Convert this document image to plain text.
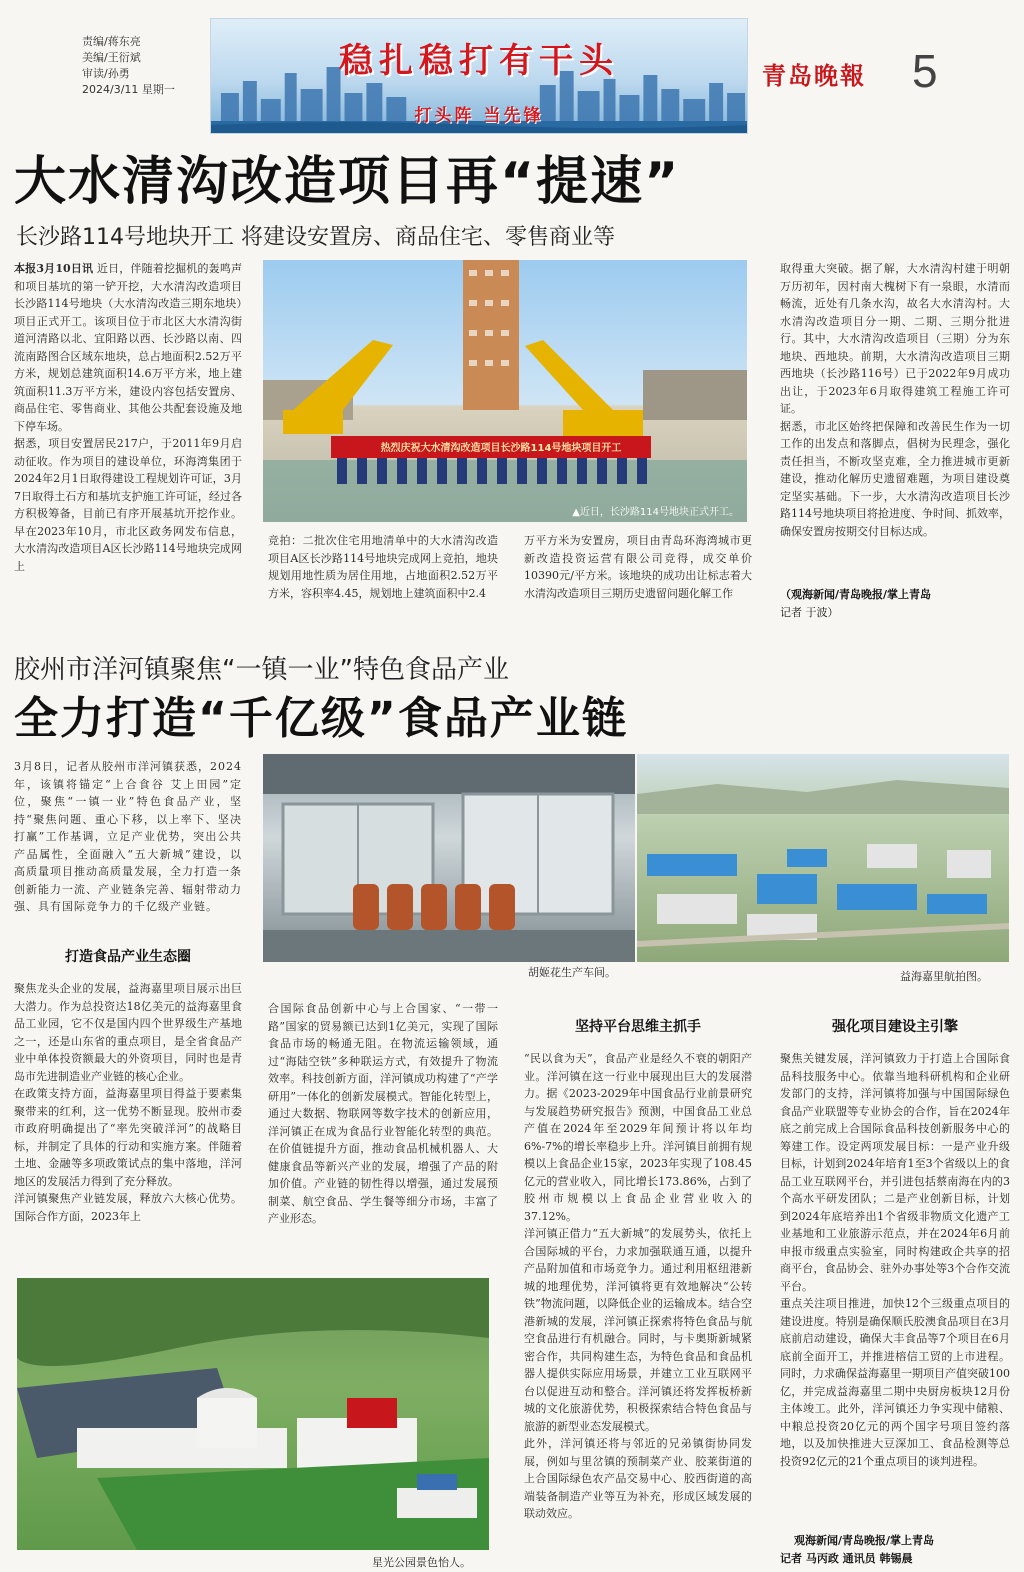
责编/蒋东亮
美编/王衍斌
审读/孙勇
2024/3/11 星期一
稳扎稳打有干头
打头阵 当先锋
青岛晚報 5
大水清沟改造项目再“提速”
长沙路114号地块开工 将建设安置房、商品住宅、零售商业等
本报3月10日讯 近日，伴随着挖掘机的轰鸣声和项目基坑的第一铲开挖，大水清沟改造项目长沙路114号地块（大水清沟改造三期东地块）项目正式开工。该项目位于市北区大水清沟街道河清路以北、宜阳路以西、长沙路以南、四流南路图合区域东地块，总占地面积2.52万平方米，规划总建筑面积14.6万平方米，地上建筑面积11.3万平方米，建设内容包括安置房、商品住宅、零售商业、其他公共配套设施及地下停车场。
据悉，项目安置居民217户，于2011年9月启动征收。作为项目的建设单位，环海湾集团于2024年2月1日取得建设工程规划许可证，3月7日取得土石方和基坑支护施工许可证，经过各方积极筹备，目前已有序开展基坑开挖作业。早在2023年10月，市北区政务网发布信息，大水清沟改造项目A区长沙路114号地块完成网上
热烈庆祝大水清沟改造项目长沙路114号地块项目开工
▲近日，长沙路114号地块正式开工。
竞拍：二批次住宅用地清单中的大水清沟改造项目A区长沙路114号地块完成网上竞拍，地块规划用地性质为居住用地，占地面积2.52万平方米，容积率4.45，规划地上建筑面积中2.4
万平方米为安置房，项目由青岛环海湾城市更新改造投资运营有限公司竞得，成交单价10390元/平方米。该地块的成功出让标志着大水清沟改造项目三期历史遗留问题化解工作
取得重大突破。据了解，大水清沟村建于明朝万历初年，因村南大槐树下有一泉眼，水清而畅流，近处有几条水沟，故名大水清沟村。大水清沟改造项目分一期、二期、三期分批进行。其中，大水清沟改造项目（三期）分为东地块、西地块。前期，大水清沟改造项目三期西地块（长沙路116号）已于2022年9月成功出让，于2023年6月取得建筑工程施工许可证。
据悉，市北区始终把保障和改善民生作为一切工作的出发点和落脚点，倡树为民理念，强化责任担当，不断攻坚克难，全力推进城市更新建设，推动化解历史遗留难题，为项目建设奠定坚实基础。下一步，大水清沟改造项目长沙路114号地块项目将抢进度、争时间、抓效率，确保安置房按期交付目标达成。
（观海新闻/青岛晚报/掌上青岛
记者 于波）
胶州市洋河镇聚焦“一镇一业”特色食品产业
全力打造“千亿级”食品产业链
3月8日，记者从胶州市洋河镇获悉，2024年，该镇将锚定“上合食谷 艾上田园”定位，聚焦“一镇一业”特色食品产业，坚持“聚焦问题、重心下移，以上率下、坚决打赢”工作基调，立足产业优势，突出公共产品属性，全面融入“五大新城”建设，以高质量项目推动高质量发展，全力打造一条创新能力一流、产业链条完善、辐射带动力强、具有国际竞争力的千亿级产业链。
胡姬花生产车间。	益海嘉里航拍图。
打造食品产业生态圈
聚焦龙头企业的发展，益海嘉里项目展示出巨大潜力。作为总投资达18亿美元的益海嘉里食品工业园，它不仅是国内四个世界级生产基地之一，还是山东省的重点项目，是全省食品产业中单体投资额最大的外资项目，同时也是青岛市先进制造业产业链的核心企业。
在政策支持方面，益海嘉里项目得益于要素集聚带来的红利，这一优势不断显现。胶州市委市政府明确提出了“率先突破洋河”的战略目标，并制定了具体的行动和实施方案。伴随着土地、金融等多项政策试点的集中落地，洋河地区的发展活力得到了充分释放。
洋河镇聚焦产业链发展，释放六大核心优势。国际合作方面，2023年上
合国际食品创新中心与上合国家、“一带一路”国家的贸易额已达到1亿美元，实现了国际食品市场的畅通无阻。在物流运输领域，通过“海陆空铁”多种联运方式，有效提升了物流效率。科技创新方面，洋河镇成功构建了“产学研用”一体化的创新发展模式。智能化转型上，通过大数据、物联网等数字技术的创新应用，洋河镇正在成为食品行业智能化转型的典范。在价值链提升方面，推动食品机械机器人、大健康食品等新兴产业的发展，增强了产品的附加价值。产业链的韧性得以增强，通过发展预制菜、航空食品、学生餐等细分市场，丰富了产业形态。
坚持平台思维主抓手
“民以食为天”，食品产业是经久不衰的朝阳产业。洋河镇在这一行业中展现出巨大的发展潜力。据《2023-2029年中国食品行业前景研究与发展趋势研究报告》预测，中国食品工业总产值在2024年至2029年间预计将以年均6%-7%的增长率稳步上升。洋河镇目前拥有规模以上食品企业15家，2023年实现了108.45亿元的营业收入，同比增长173.86%，占到了胶州市规模以上食品企业营业收入的37.12%。
洋河镇正借力“五大新城”的发展势头，依托上合国际城的平台，力求加强联通互通，以提升产品附加值和市场竞争力。通过利用枢纽港新城的地理优势，洋河镇将更有效地解决“公转铁”物流问题，以降低企业的运输成本。结合空港新城的发展，洋河镇正探索将特色食品与航空食品进行有机融合。同时，与卡奥斯新城紧密合作，共同构建生态，为特色食品和食品机器人提供实际应用场景，并建立工业互联网平台以促进互动和整合。洋河镇还将发挥板桥新城的文化旅游优势，积极探索结合特色食品与旅游的新型业态发展模式。
此外，洋河镇还将与邻近的兄弟镇街协同发展，例如与里岔镇的预制菜产业、胶莱街道的上合国际绿色农产品交易中心、胶西街道的高端装备制造产业等互为补充，形成区域发展的联动效应。
强化项目建设主引擎
聚焦关键发展，洋河镇致力于打造上合国际食品科技服务中心。依靠当地科研机构和企业研发部门的支持，洋河镇将加强与中国国际绿色食品产业联盟等专业协会的合作，旨在2024年底之前完成上合国际食品科技创新服务中心的筹建工作。设定两项发展目标：一是产业升级目标，计划到2024年培育1至3个省级以上的食品工业互联网平台，并引进包括蔡南海在内的3个高水平研发团队；二是产业创新目标，计划到2024年底培养出1个省级非物质文化遗产工业基地和工业旅游示范点，并在2024年6月前申报市级重点实验室，同时构建政企共享的招商平台，食品协会、驻外办事处等3个合作交流平台。
重点关注项目推进，加快12个三级重点项目的建设进度。特别是确保顺氏胶澳食品项目在3月底前启动建设，确保大丰食品等7个项目在6月底前全面开工，并推进榕信工贸的上市进程。同时，力求确保益海嘉里一期项目产值突破100亿，并完成益海嘉里二期中央厨房板块12月份主体竣工。此外，洋河镇还力争实现中储粮、中粮总投资20亿元的两个国字号项目签约落地，以及加快推进大豆深加工、食品检测等总投资92亿元的21个重点项目的谈判进程。
观海新闻/青岛晚报/掌上青岛
记者 马丙政 通讯员 韩锡晨
星光公园景色怡人。
